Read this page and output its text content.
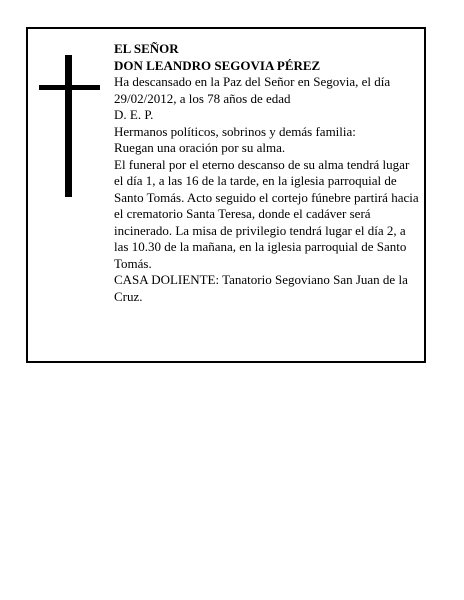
EL SEÑOR

DON LEANDRO SEGOVIA PÉREZ

Ha descansado en la Paz del Señor en Segovia, el día 29/02/2012, a los 78 años de edad

D. E. P.

Hermanos políticos, sobrinos y demás familia:

Ruegan una oración por su alma.

El funeral por el eterno descanso de su alma tendrá lugar el día 1, a las 16 de la tarde, en la iglesia parroquial de Santo Tomás. Acto seguido el cortejo fúnebre partirá hacia el crematorio Santa Teresa, donde el cadáver será incinerado. La misa de privilegio tendrá lugar el día 2, a las 10.30 de la mañana, en la iglesia parroquial de Santo Tomás.

CASA DOLIENTE: Tanatorio Segoviano San Juan de la Cruz.
